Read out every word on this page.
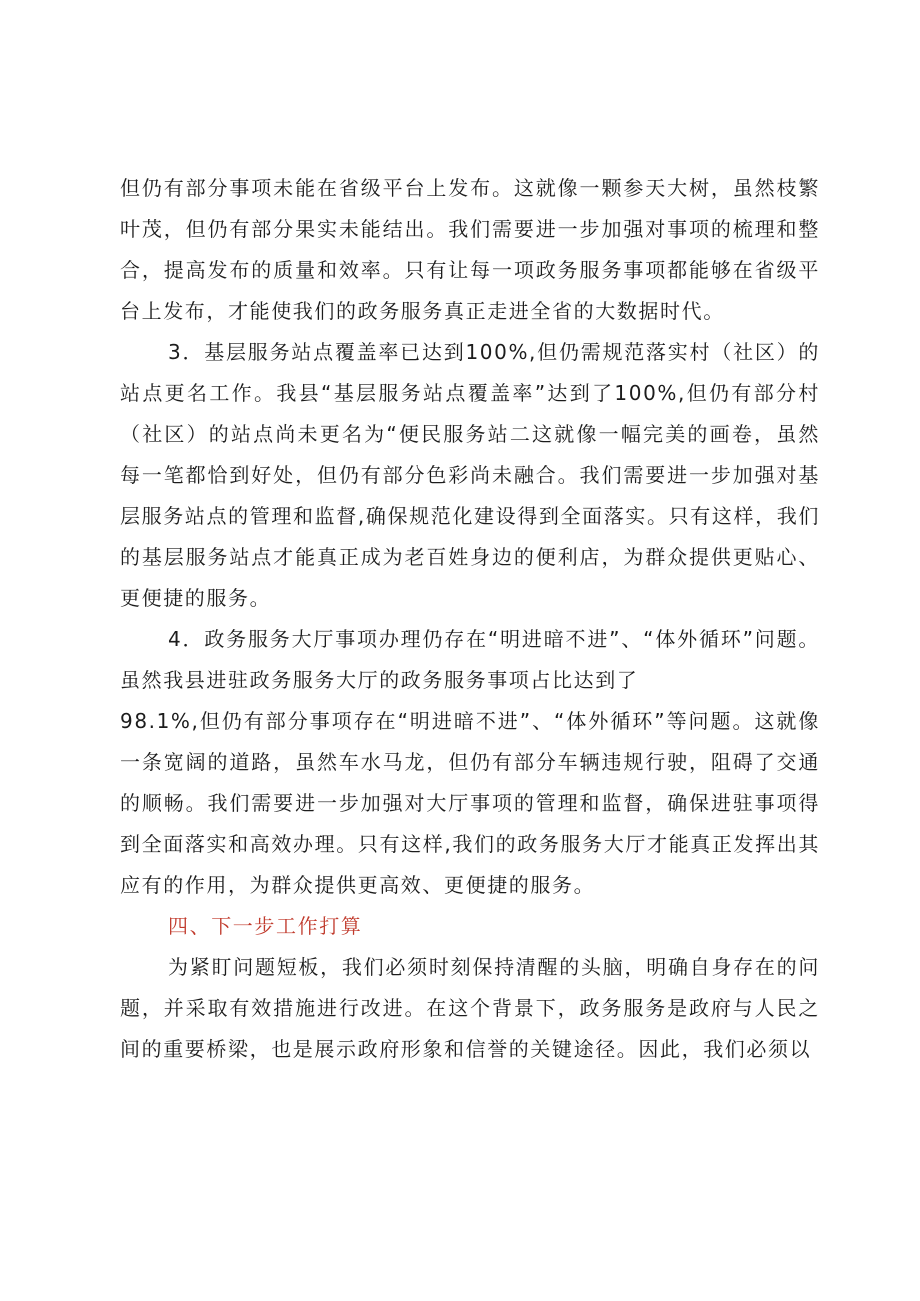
但仍有部分事项未能在省级平台上发布。这就像一颗参天大树，虽然枝繁叶茂，但仍有部分果实未能结出。我们需要进一步加强对事项的梳理和整合，提高发布的质量和效率。只有让每一项政务服务事项都能够在省级平台上发布，才能使我们的政务服务真正走进全省的大数据时代。

3．基层服务站点覆盖率已达到100%,但仍需规范落实村（社区）的站点更名工作。我县“基层服务站点覆盖率”达到了100%,但仍有部分村（社区）的站点尚未更名为“便民服务站二这就像一幅完美的画卷，虽然每一笔都恰到好处，但仍有部分色彩尚未融合。我们需要进一步加强对基层服务站点的管理和监督,确保规范化建设得到全面落实。只有这样，我们的基层服务站点才能真正成为老百姓身边的便利店，为群众提供更贴心、更便捷的服务。

4．政务服务大厅事项办理仍存在“明进暗不进”、“体外循环”问题。虽然我县进驻政务服务大厅的政务服务事项占比达到了

98.1%,但仍有部分事项存在“明进暗不进”、“体外循环”等问题。这就像一条宽阔的道路，虽然车水马龙，但仍有部分车辆违规行驶，阻碍了交通的顺畅。我们需要进一步加强对大厅事项的管理和监督，确保进驻事项得到全面落实和高效办理。只有这样,我们的政务服务大厅才能真正发挥出其应有的作用，为群众提供更高效、更便捷的服务。

四、下一步工作打算

为紧盯问题短板，我们必须时刻保持清醒的头脑，明确自身存在的问题，并采取有效措施进行改进。在这个背景下，政务服务是政府与人民之间的重要桥梁，也是展示政府形象和信誉的关键途径。因此，我们必须以
